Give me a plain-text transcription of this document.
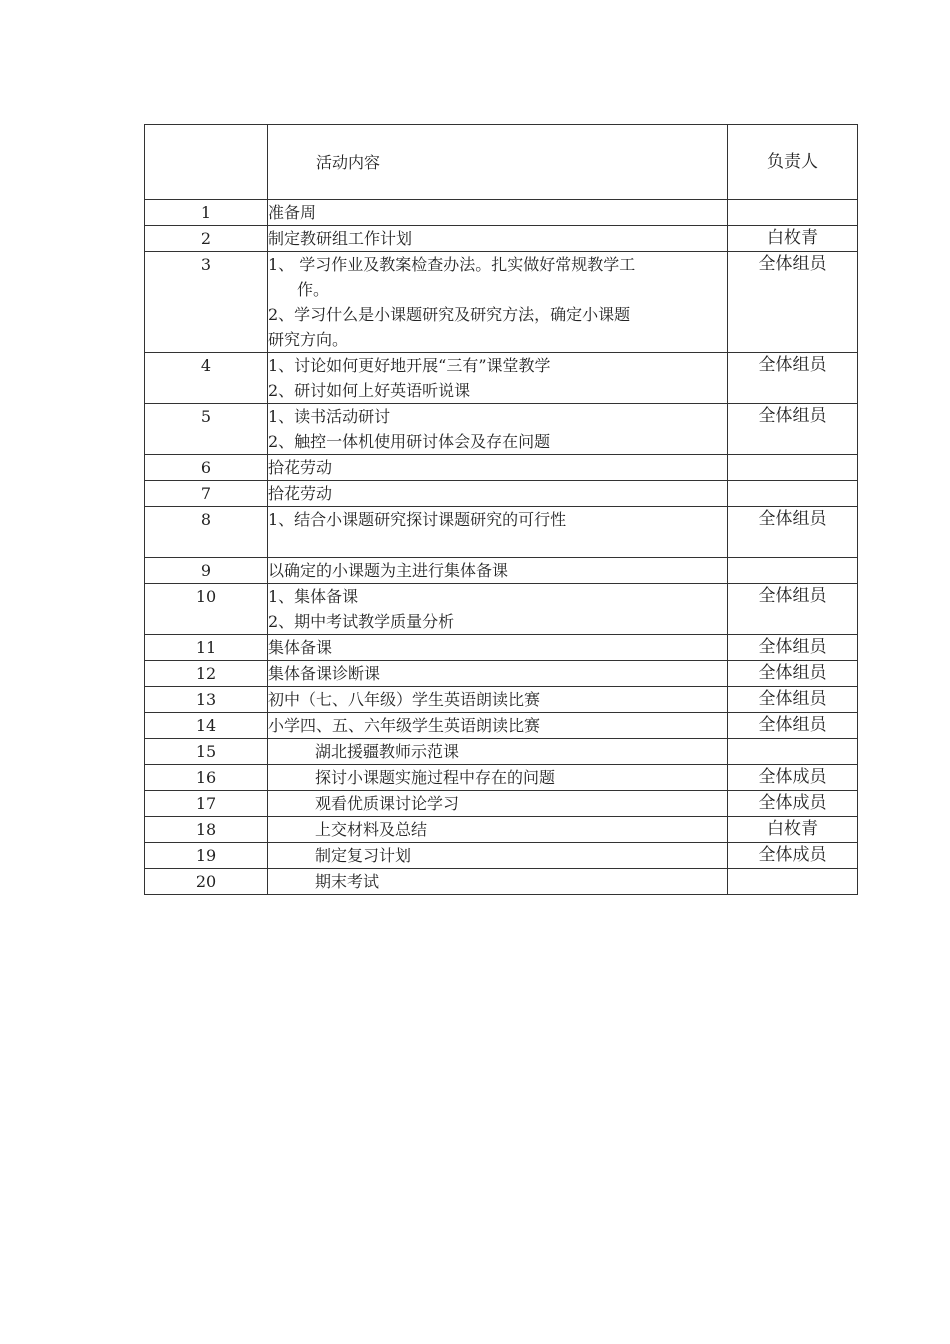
	活动内容	负责人
1	准备周	

2	制定教研组工作计划	白枚青
3	1、 学习作业及教案检查办法。扎实做好常规教学工
作。
2、学习什么是小课题研究及研究方法，确定小课题
研究方向。	全体组员
4	1、讨论如何更好地开展“三有”课堂教学
2、研讨如何上好英语听说课	全体组员
5	1、读书活动研讨
2、触控一体机使用研讨体会及存在问题	全体组员
6	拾花劳动	

7	拾花劳动	

8	1、结合小课题研究探讨课题研究的可行性	全体组员
9	以确定的小课题为主进行集体备课	

10	1、集体备课
2、期中考试教学质量分析	全体组员
11	集体备课	全体组员
12	集体备课诊断课	全体组员
13	初中（七、八年级）学生英语朗读比赛	全体组员
14	小学四、五、六年级学生英语朗读比赛	全体组员
15	湖北援疆教师示范课	

16	探讨小课题实施过程中存在的问题	全体成员
17	观看优质课讨论学习	全体成员
18	上交材料及总结	白枚青
19	制定复习计划	全体成员
20	期末考试	
